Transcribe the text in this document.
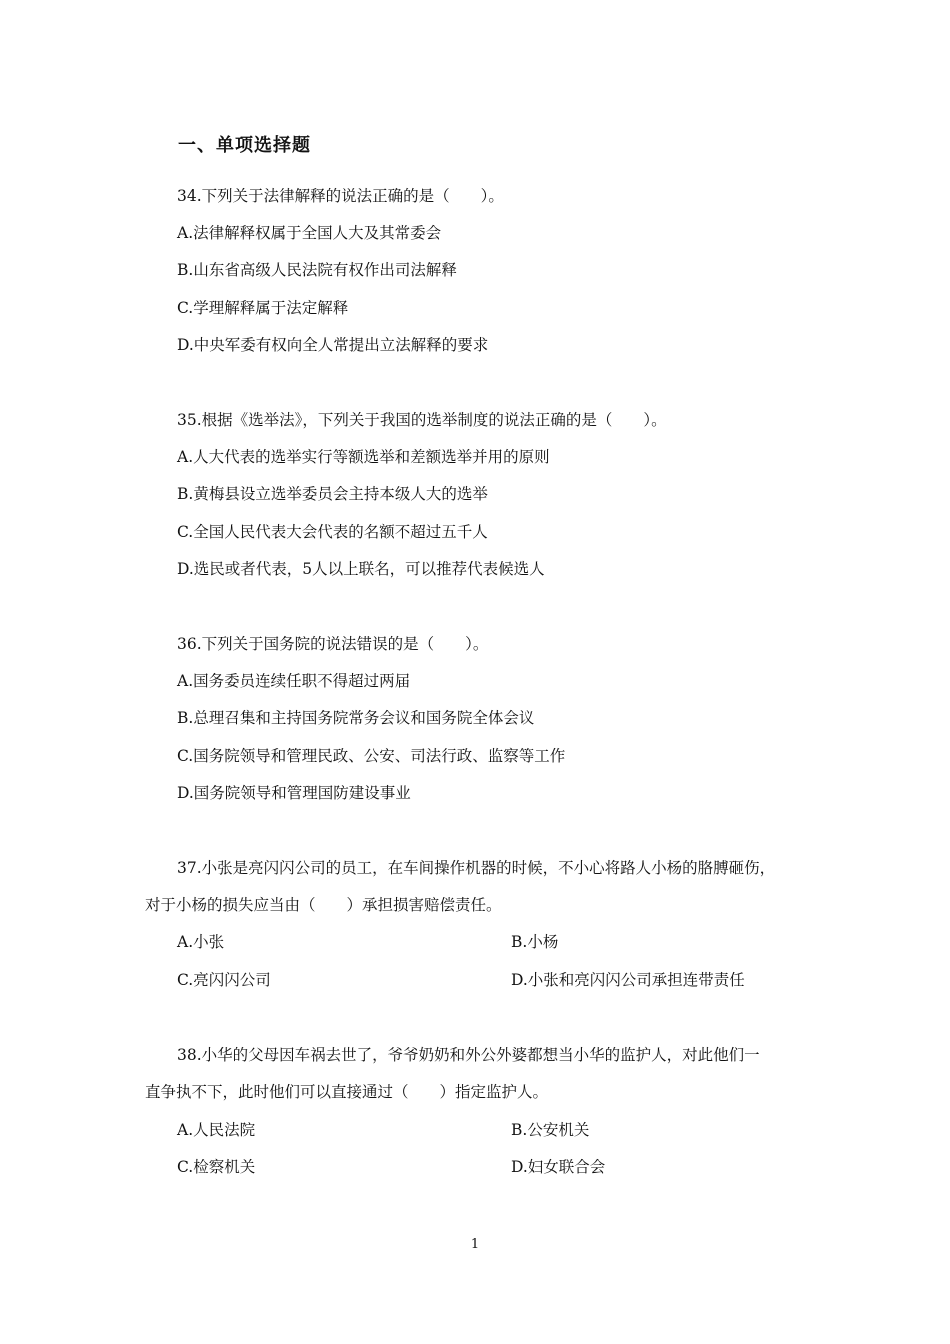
一、单项选择题
34.下列关于法律解释的说法正确的是（　　）。
A.法律解释权属于全国人大及其常委会
B.山东省高级人民法院有权作出司法解释
C.学理解释属于法定解释
D.中央军委有权向全人常提出立法解释的要求
35.根据《选举法》，下列关于我国的选举制度的说法正确的是（　　）。
A.人大代表的选举实行等额选举和差额选举并用的原则
B.黄梅县设立选举委员会主持本级人大的选举
C.全国人民代表大会代表的名额不超过五千人
D.选民或者代表，5人以上联名，可以推荐代表候选人
36.下列关于国务院的说法错误的是（　　）。
A.国务委员连续任职不得超过两届
B.总理召集和主持国务院常务会议和国务院全体会议
C.国务院领导和管理民政、公安、司法行政、监察等工作
D.国务院领导和管理国防建设事业
37.小张是亮闪闪公司的员工，在车间操作机器的时候，不小心将路人小杨的胳膊砸伤，
对于小杨的损失应当由（　　）承担损害赔偿责任。
A.小张	B.小杨
C.亮闪闪公司	D.小张和亮闪闪公司承担连带责任
38.小华的父母因车祸去世了，爷爷奶奶和外公外婆都想当小华的监护人，对此他们一
直争执不下，此时他们可以直接通过（　　）指定监护人。
A.人民法院	B.公安机关
C.检察机关	D.妇女联合会
1
